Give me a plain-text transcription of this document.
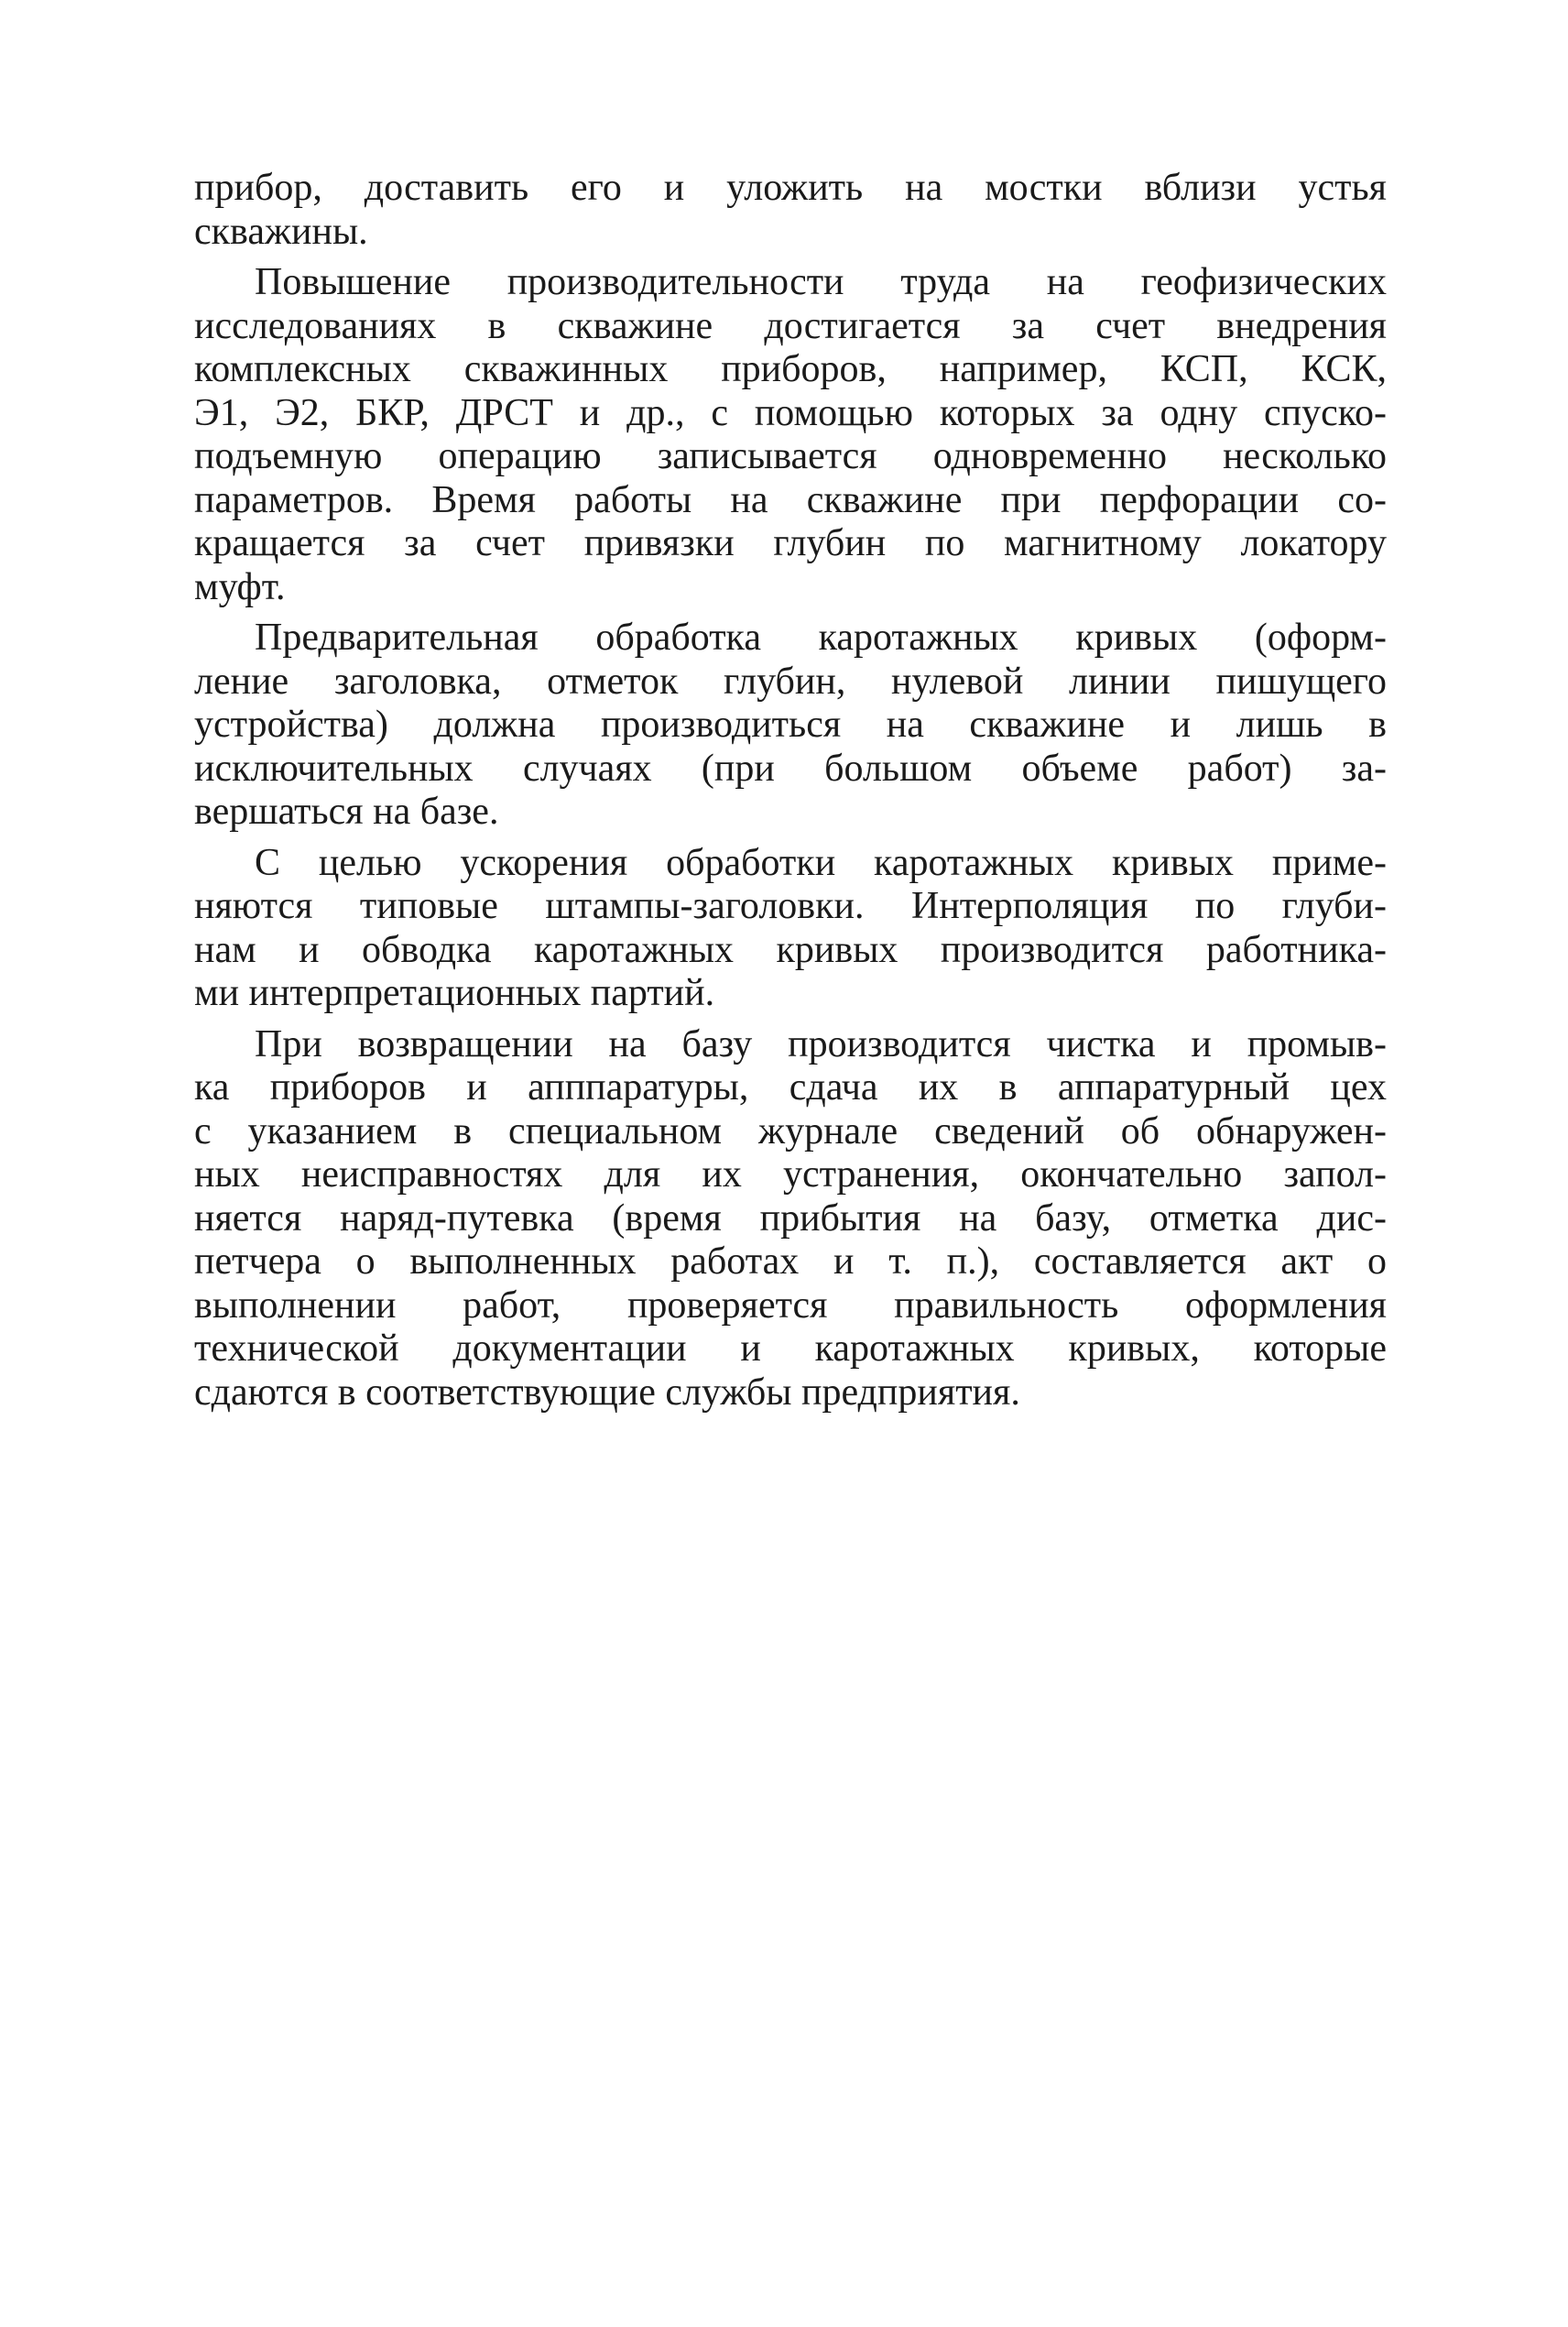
прибор, доставить его и уложить на мостки вблизи устья
скважины.
Повышение производительности труда на геофизических
исследованиях в скважине достигается за счет внедрения
комплексных скважинных приборов, например, КСП, КСК,
Э1, Э2, БКР, ДРСТ и др., с помощью которых за одну спуско-
подъемную операцию записывается одновременно несколько
параметров. Время работы на скважине при перфорации со-
кращается за счет привязки глубин по магнитному локатору
муфт.
Предварительная обработка каротажных кривых (оформ-
ление заголовка, отметок глубин, нулевой линии пишущего
устройства) должна производиться на скважине и лишь в
исключительных случаях (при большом объеме работ) за-
вершаться на базе.
С целью ускорения обработки каротажных кривых приме-
няются типовые штампы-заголовки. Интерполяция по глуби-
нам и обводка каротажных кривых производится работника-
ми интерпретационных партий.
При возвращении на базу производится чистка и промыв-
ка приборов и апппаратуры, сдача их в аппаратурный цех
с указанием в специальном журнале сведений об обнаружен-
ных неисправностях для их устранения, окончательно запол-
няется наряд-путевка (время прибытия на базу, отметка дис-
петчера о выполненных работах и т. п.), составляется акт о
выполнении работ, проверяется правильность оформления
технической документации и каротажных кривых, которые
сдаются в соответствующие службы предприятия.
